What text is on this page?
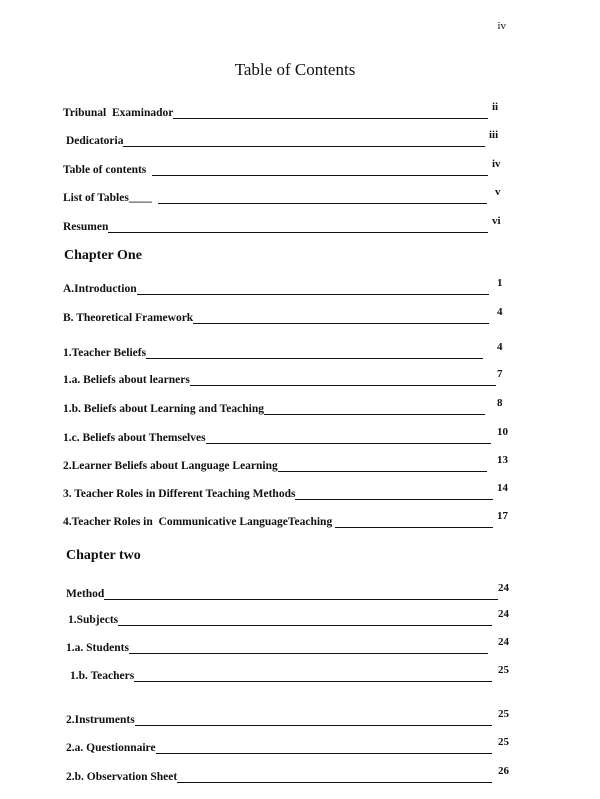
iv
Table of Contents
Tribunal  Examinador	ii
Dedicatoria	iii
Table of contents	iv
List of Tables____	v
Resumen	vi
Chapter One
A.Introduction	1
B. Theoretical Framework	4
1.Teacher Beliefs	4
1.a. Beliefs about learners	7
1.b. Beliefs about Learning and Teaching	8
1.c. Beliefs about Themselves	10
2.Learner Beliefs about Language Learning	13
3. Teacher Roles in Different Teaching Methods	14
4.Teacher Roles in  Communicative LanguageTeaching	17
Chapter two
Method	24
1.Subjects	24
1.a. Students	24
1.b. Teachers	25
2.Instruments	25
2.a. Questionnaire	25
2.b. Observation Sheet	26
